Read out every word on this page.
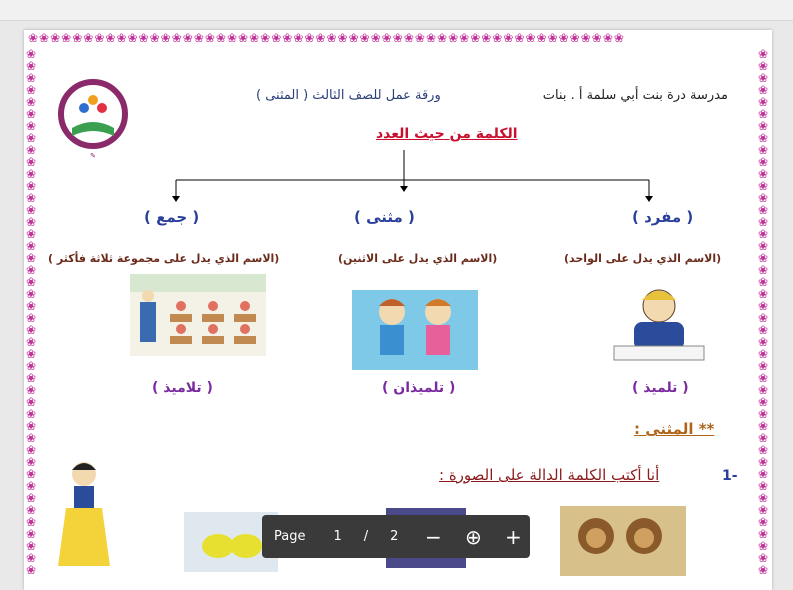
❀❀❀❀❀❀❀❀❀❀❀❀❀❀❀❀❀❀❀❀❀❀❀❀❀❀❀❀❀❀❀❀❀❀❀❀❀❀❀❀❀❀❀❀❀❀❀❀❀❀❀❀❀❀
❀❀❀❀❀❀❀❀❀❀❀❀❀❀❀❀❀❀❀❀❀❀❀❀❀❀❀❀❀❀❀❀❀❀❀❀❀❀❀❀❀❀❀❀
❀❀❀❀❀❀❀❀❀❀❀❀❀❀❀❀❀❀❀❀❀❀❀❀❀❀❀❀❀❀❀❀❀❀❀❀❀❀❀❀❀❀❀❀
مدرسة درة بنت أبي سلمة أ . بنات
ورقة عمل للصف الثالث ( المثنى )
✎
الكلمة من حيث العدد
( مفرد )
(الاسم الذي يدل على الواحد)
( تلميذ )
( مثنى )
(الاسم الذي يدل على الاثنين)
( تلميذان )
( جمع )
(الاسم الذي يدل على مجموعة ثلاثة فأكثر )
( تلاميذ )
** المثنى :
1-
أنا أكتب الكلمة الدالة على الصورة :
Page 1 / 2 − ⊕ +
